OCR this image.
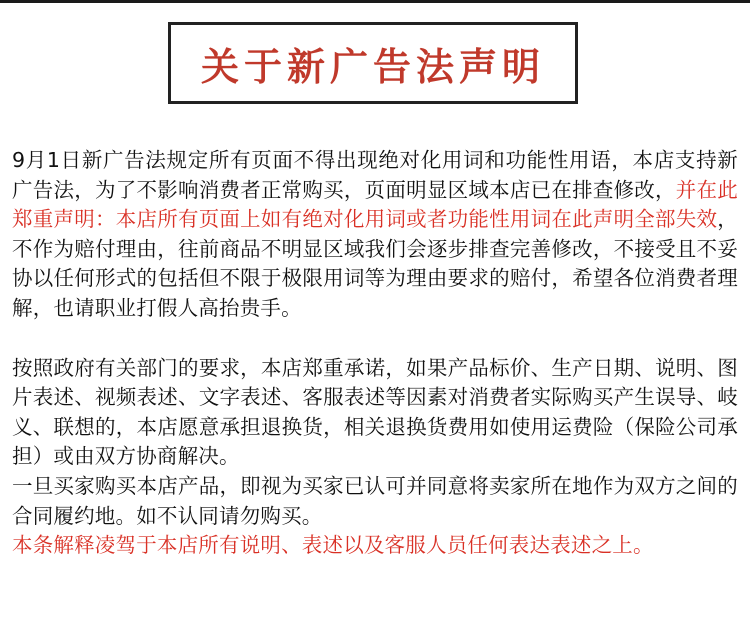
关于新广告法声明

9月1日新广告法规定所有页面不得出现绝对化用词和功能性用语，本店支持新广告法，为了不影响消费者正常购买，页面明显区域本店已在排查修改，并在此郑重声明：本店所有页面上如有绝对化用词或者功能性用词在此声明全部失效，不作为赔付理由，往前商品不明显区域我们会逐步排查完善修改，不接受且不妥协以任何形式的包括但不限于极限用词等为理由要求的赔付，希望各位消费者理解，也请职业打假人高抬贵手。

按照政府有关部门的要求，本店郑重承诺，如果产品标价、生产日期、说明、图片表述、视频表述、文字表述、客服表述等因素对消费者实际购买产生误导、岐义、联想的，本店愿意承担退换货，相关退换货费用如使用运费险（保险公司承担）或由双方协商解决。

一旦买家购买本店产品，即视为买家已认可并同意将卖家所在地作为双方之间的合同履约地。如不认同请勿购买。

本条解释凌驾于本店所有说明、表述以及客服人员任何表达表述之上。
